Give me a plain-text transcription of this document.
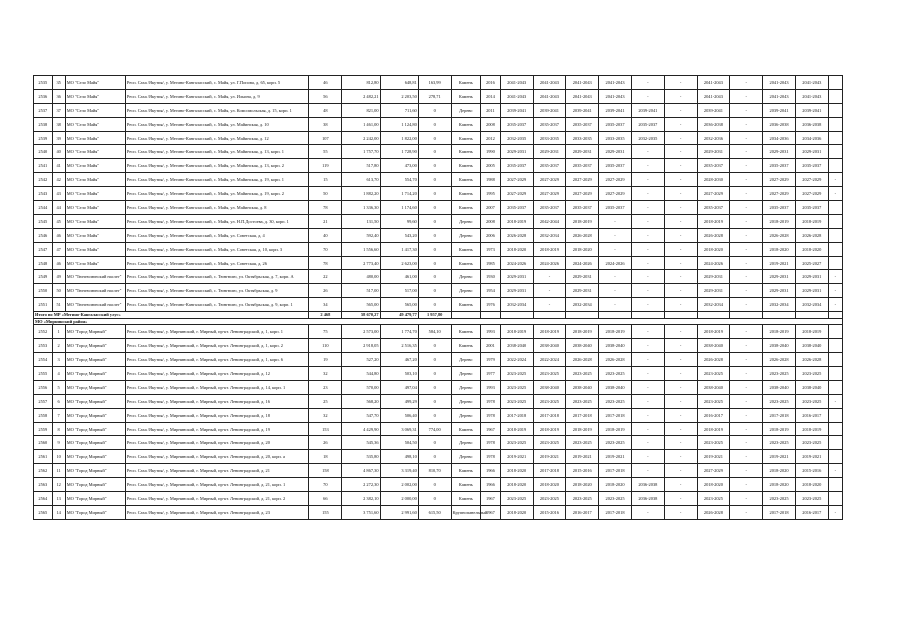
2535	35	МО "Село Майя"	Респ. Саха /Якутия/, у. Мегино-Кангаласский, с. Майя, ул. Г.Попова, д. 65, корп. 5	46	812,80	648,81	163,99	Камень	2016	2041-2043	2041-2043	2041-2043	2041-2043	-	-	2041-2043	-	2041-2043	2041-2043	
2536	36	МО "Село Майя"	Респ. Саха /Якутия/, у. Мегино-Кангаласский, с. Майя, ул. Ильина, д. 9	56	2 482,21	2 203,50	278,71	Камень	2014	2041-2043	2041-2043	2041-2043	2041-2043	-	-	2041-2043	-	2041-2043	2041-2043	
2537	37	МО "Село Майя"	Респ. Саха /Якутия/, у. Мегино-Кангаласский, с. Майя, ул. Комсомольская, д. 15, корп. 1	48	821,00	711,60	0	Дерево	2011	2039-2041	2039-2041	2039-2041	2039-2041	2039-2041	-	2039-2041	-	2039-2041	2039-2041	
2538	38	МО "Село Майя"	Респ. Саха /Якутия/, у. Мегино-Кангаласский, с. Майя, ул. Майинская, д. 10	38	1 461,00	1 124,80	0	Камень	2008	2035-2037	2035-2037	2035-2037	2035-2037	2035-2037	-	2036-2038	-	2036-2038	2036-2038	
2539	39	МО "Село Майя"	Респ. Саха /Якутия/, у. Мегино-Кангаласский, с. Майя, ул. Майинская, д. 12	107	2 242,00	1 822,00	0	Камень	2012	2032-2035	2033-2035	2033-2035	2033-2035	2032-2035	-	2032-2036	-	2034-2036	2034-2036	
2540	40	МО "Село Майя"	Респ. Саха /Якутия/, у. Мегино-Кангаласский, с. Майя, ул. Майинская, д. 13, корп. 1	55	1 757,70	1 728,90	0	Камень	1990	2029-2031	2029-2031	2029-2031	2029-2031	-	-	2029-2031	-	2029-2031	2029-2031	
2541	41	МО "Село Майя"	Респ. Саха /Якутия/, у. Мегино-Кангаласский, с. Майя, ул. Майинская, д. 13, корп. 2	119	517,80	473,00	0	Камень	2005	2035-2037	2035-2037	2035-2037	2035-2037	-	-	2035-2037	-	2035-2037	2035-2037	
2542	42	МО "Село Майя"	Респ. Саха /Якутия/, у. Мегино-Кангаласский, с. Майя, ул. Майинская, д. 19, корп. 1	15	613,70	554,70	0	Камень	1988	2027-2029	2027-2029	2027-2029	2027-2029	-	-	2028-2030	-	2027-2029	2027-2029	-
2543	43	МО "Село Майя"	Респ. Саха /Якутия/, у. Мегино-Кангаласский, с. Майя, ул. Майинская, д. 19, корп. 2	50	1 882,20	1 714,20	0	Камень	1995	2027-2029	2027-2029	2027-2029	2027-2029	-	-	2027-2029	-	2027-2029	2027-2029	-
2544	44	МО "Село Майя"	Респ. Саха /Якутия/, у. Мегино-Кангаласский, с. Майя, ул. Майинская, д. 8	78	1 336,30	1 174,60	0	Камень	2007	2035-2037	2035-2037	2035-2037	2035-2037	-	-	2035-2037	-	2035-2037	2035-2037	
2545	45	МО "Село Майя"	Респ. Саха /Якутия/, у. Мегино-Кангаласский, с. Майя, ул. Н.П.Достоева, д. 30, корп. 1	21	131,50	99,60	0	Дерево	2008	2018-2019	2042-2044	2018-2019	-	-	-	2018-2019	-	2018-2019	2018-2019	
2546	46	МО "Село Майя"	Респ. Саха /Якутия/, у. Мегино-Кангаласский, с. Майя, ул. Советская, д. 4	40	592,40	543,20	0	Дерево	2006	2026-2028	2032-2034	2026-2028	-	-	-	2026-2028	-	2026-2028	2026-2028	
2547	47	МО "Село Майя"	Респ. Саха /Якутия/, у. Мегино-Кангаласский, с. Майя, ул. Советская, д. 10, корп. 3	70	1 556,60	1 417,30	0	Камень	1973	2018-2020	2018-2019	2018-2020	-	-	-	2018-2020	-	2018-2020	2018-2020	
2548	46	МО "Село Майя"	Респ. Саха /Якутия/, у. Мегино-Кангаласский, с. Майя, ул. Советская, д. 26	78	2 773,40	2 623,00	0	Камень	1985	2024-2026	2024-2026	2024-2026	2024-2026	-	-	2024-2026	-	2019-2021	2025-2027	
2549	49	МО "Тюнгюлюнский наслег"	Респ. Саха /Якутия/, у. Мегино-Кангаласский, с. Тюнгюлю, ул. Октябрьская, д. 7, корп. А	22	480,00	461,00	0	Дерево	1930	2029-2031	-	2029-2031	-	-	-	2029-2031	-	2029-2031	2029-2031	-
2550	50	МО "Тюнгюлюнский наслег"	Респ. Саха /Якутия/, у. Мегино-Кангаласский, с. Тюнгюлю, ул. Октябрьская, д. 9	26	517,00	517,00	0	Дерево	1954	2029-2031	-	2029-2031	-	-	-	2029-2031	-	2029-2031	2029-2031	-
2551	51	МО "Тюнгюлюнский наслег"	Респ. Саха /Якутия/, у. Мегино-Кангаласский, с. Тюнгюлю, ул. Октябрьская, д. 9, корп. 1	34	565,00	565,00	0	Камень	1976	2032-2034	-	2032-2034	-	-	-	2032-2034	-	2032-2034	2032-2034	-
Итого по МР «Мегино-Кангаласский улус»				2 468	58 670,27	49 479,77	1 957,80													
МО «Мирнинский район»																				
2552	1	МО "Город Мирный"	Респ. Саха /Якутия/, у. Мирнинский, г. Мирный, пр-кт. Ленинградский, д. 1, корп. 1	75	2 573,00	1 774,70	584,10	Камень	1993	2018-2019	2018-2019	2018-2019	2018-2019	-	-	2018-2019	-	2018-2019	2018-2019	
2553	2	МО "Город Мирный"	Респ. Саха /Якутия/, у. Мирнинский, г. Мирный, пр-кт. Ленинградский, д. 1, корп. 2	110	2 918,05	2 516,35	0	Камень	2001	2038-2040	2038-2040	2038-2040	2038-2040	-	-	2038-2040	-	2038-2040	2038-2040	
2554	3	МО "Город Мирный"	Респ. Саха /Якутия/, у. Мирнинский, г. Мирный, пр-кт. Ленинградский, д. 1, корп. 6	19	527,20	467,20	0	Дерево	1979	2022-2024	2022-2024	2026-2028	2026-2028	-	-	2026-2028	-	2026-2028	2026-2028	
2555	4	МО "Город Мирный"	Респ. Саха /Якутия/, у. Мирнинский, г. Мирный, пр-кт. Ленинградский, д. 12	32	544,80	503,10	0	Дерево	1977	2023-2025	2023-2025	2023-2025	2023-2025	-	-	2023-2025	-	2023-2025	2023-2025	
2556	5	МО "Город Мирный"	Респ. Саха /Якутия/, у. Мирнинский, г. Мирный, пр-кт. Ленинградский, д. 14, корп. 1	23	570,00	497,04	0	Дерево	1993	2023-2025	2038-2040	2038-2040	2038-2040	-	-	2038-2040	-	2038-2040	2038-2040	
2557	6	МО "Город Мирный"	Респ. Саха /Якутия/, у. Мирнинский, г. Мирный, пр-кт. Ленинградский, д. 16	25	568,20	499,29	0	Дерево	1978	2023-2025	2023-2025	2023-2025	2023-2025	-	-	2023-2025	-	2023-2025	2023-2025	-
2558	7	МО "Город Мирный"	Респ. Саха /Якутия/, у. Мирнинский, г. Мирный, пр-кт. Ленинградский, д. 18	32	547,70	506,40	0	Дерево	1978	2017-2018	2017-2018	2017-2018	2017-2018	-	-	2016-2017	-	2017-2018	2016-2017	
2559	8	МО "Город Мирный"	Респ. Саха /Якутия/, у. Мирнинский, г. Мирный, пр-кт. Ленинградский, д. 19	153	4 429,90	3 069,31	774,00	Камень	1967	2018-2019	2018-2019	2018-2019	2018-2019	-	-	2018-2019	-	2018-2019	2018-2019	
2560	9	МО "Город Мирный"	Респ. Саха /Якутия/, у. Мирнинский, г. Мирный, пр-кт. Ленинградский, д. 20	26	545,36	504,50	0	Дерево	1978	2023-2025	2023-2025	2023-2025	2023-2025	-	-	2023-2025	-	2023-2025	2023-2025	
2561	10	МО "Город Мирный"	Респ. Саха /Якутия/, у. Мирнинский, г. Мирный, пр-кт. Ленинградский, д. 20, корп. а	18	535,80	498,10	0	Дерево	1978	2019-2021	2019-2021	2019-2021	2019-2021	-	-	2019-2021	-	2019-2021	2019-2021	
2562	11	МО "Город Мирный"	Респ. Саха /Якутия/, у. Мирнинский, г. Мирный, пр-кт. Ленинградский, д. 21	158	4 867,30	3 319,40	810,70	Камень	1966	2018-2020	2017-2018	2015-2016	2017-2018	-	-	2027-2029	-	2018-2020	2015-2016	-
2563	12	МО "Город Мирный"	Респ. Саха /Якутия/, у. Мирнинский, г. Мирный, пр-кт. Ленинградский, д. 21, корп. 1	70	2 272,30	2 002,00	0	Камень	1966	2018-2020	2018-2020	2018-2020	2018-2020	2036-2038	-	2018-2020	-	2018-2020	2018-2020	
2564	13	МО "Город Мирный"	Респ. Саха /Якутия/, у. Мирнинский, г. Мирный, пр-кт. Ленинградский, д. 21, корп. 2	66	2 382,10	2 000,00	0	Камень	1967	2023-2025	2023-2025	2023-2025	2023-2025	2036-2038	-	2023-2025	-	2023-2025	2023-2025	
2565	14	МО "Город Мирный"	Респ. Саха /Якутия/, у. Мирнинский, г. Мирный, пр-кт. Ленинградский, д. 23	155	3 751,60	2 991,60	615,50	Крупнопанельный	1967	2018-2020	2015-2016	2016-2017	2017-2018	-	-	2026-2028	-	2017-2018	2016-2017	-
